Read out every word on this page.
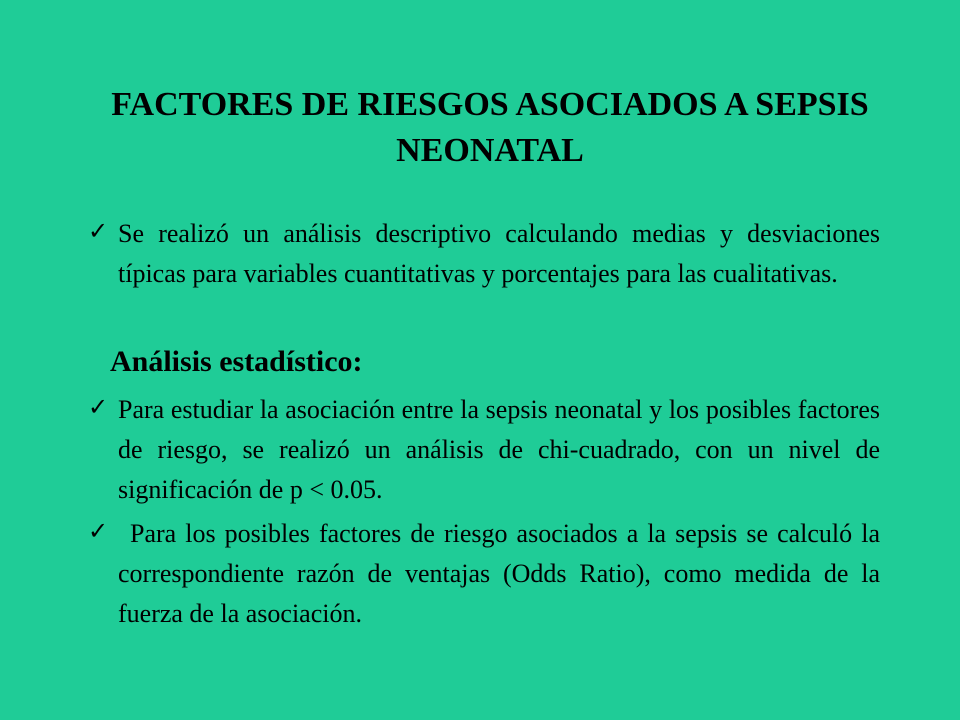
FACTORES DE RIESGOS ASOCIADOS A SEPSIS NEONATAL
✓ Se realizó un análisis descriptivo calculando medias y desviaciones típicas para variables cuantitativas y porcentajes para las cualitativas.
Análisis estadístico:
✓ Para estudiar la asociación entre la sepsis neonatal y los posibles factores de riesgo, se realizó un análisis de chi-cuadrado, con un nivel de significación de p < 0.05.
✓ Para los posibles factores de riesgo asociados a la sepsis se calculó la correspondiente razón de ventajas (Odds Ratio), como medida de la fuerza de la asociación.
